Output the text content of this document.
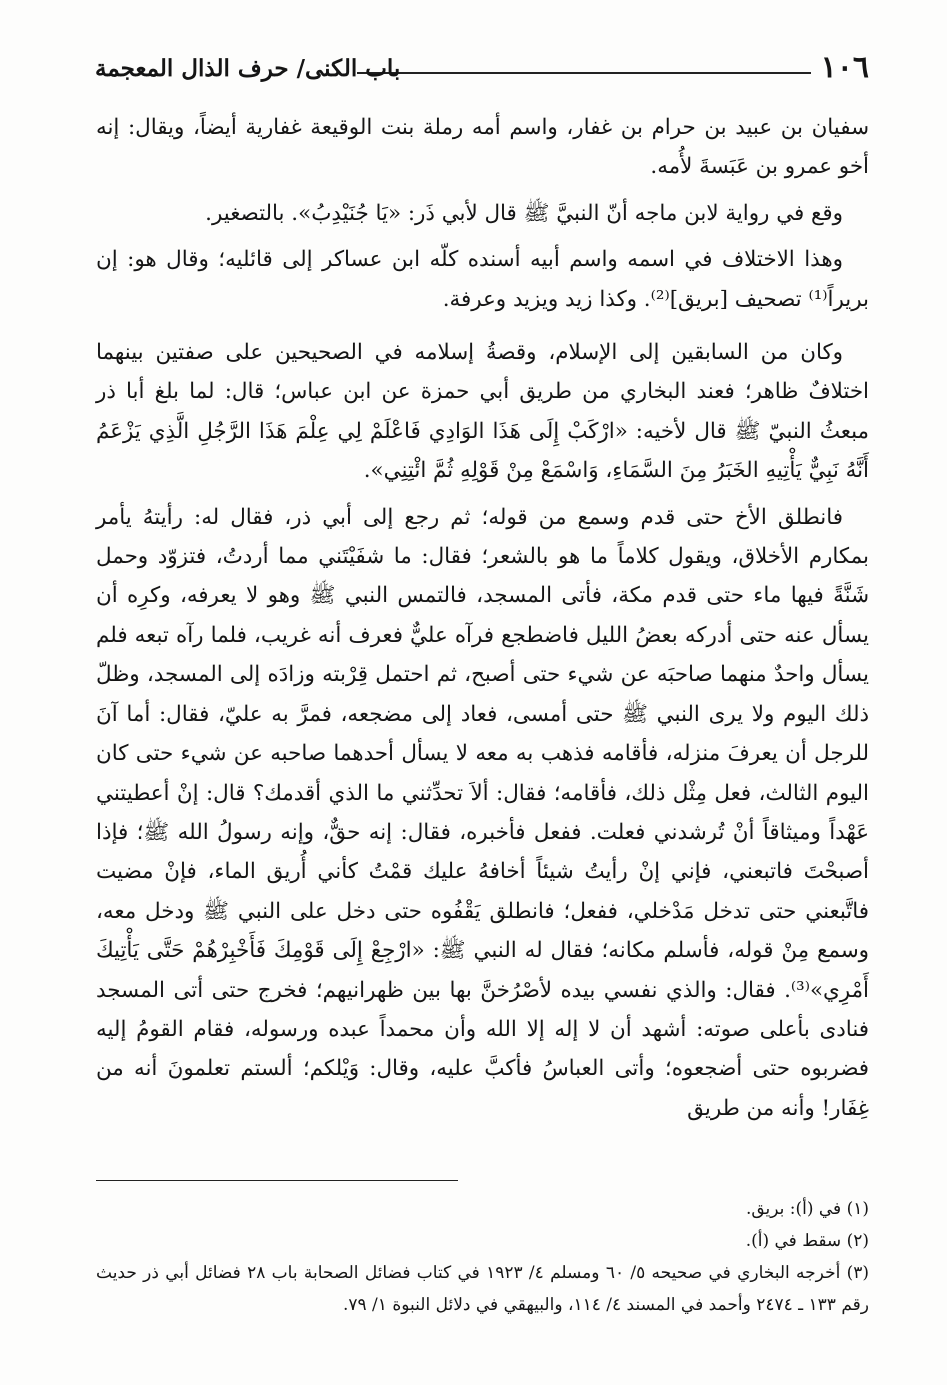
١٠٦
باب الكنى/ حرف الذال المعجمة

سفيان بن عبيد بن حرام بن غفار، واسم أمه رملة بنت الوقيعة غفارية أيضاً، ويقال: إنه أخو عمرو بن عَبَسةَ لأُمه.

وقع في رواية لابن ماجه أنّ النبيَّ ﷺ قال لأبي ذَر: «يَا جُنَيْدِبُ». بالتصغير.

وهذا الاختلاف في اسمه واسم أبيه أسنده كلّه ابن عساكر إلى قائليه؛ وقال هو: إن بريراً⁽¹⁾ تصحيف [بريق]⁽²⁾. وكذا زيد ويزيد وعرفة.

وكان من السابقين إلى الإسلام، وقصةُ إسلامه في الصحيحين على صفتين بينهما اختلافٌ ظاهر؛ فعند البخاري من طريق أبي حمزة عن ابن عباس؛ قال: لما بلغ أبا ذر مبعثُ النبيّ ﷺ قال لأخيه: «ارْكَبْ إِلَى هَذَا الوَادِي فَاعْلَمْ لِي عِلْمَ هَذَا الرَّجُلِ الَّذِي يَزْعَمُ أَنَّهُ نَبِيٌّ يَأْتِيهِ الخَبَرُ مِنَ السَّمَاءِ، وَاسْمَعْ مِنْ قَوْلِهِ ثُمَّ ائْتِنِي».

فانطلق الأخ حتى قدم وسمع من قوله؛ ثم رجع إلى أبي ذر، فقال له: رأيتهُ يأمر بمكارم الأخلاق، ويقول كلاماً ما هو بالشعر؛ فقال: ما شفَيْتَني مما أردتُ، فتزوّد وحمل شَنَّةً فيها ماء حتى قدم مكة، فأتى المسجد، فالتمس النبي ﷺ وهو لا يعرفه، وكرِه أن يسأل عنه حتى أدركه بعضُ الليل فاضطجع فرآه عليٌّ فعرف أنه غريب، فلما رآه تبعه فلم يسأل واحدٌ منهما صاحبَه عن شيء حتى أصبح، ثم احتمل قِرْبته وزادَه إلى المسجد، وظلّ ذلك اليوم ولا يرى النبي ﷺ حتى أمسى، فعاد إلى مضجعه، فمرَّ به عليّ، فقال: أما آنَ للرجل أن يعرفَ منزله، فأقامه فذهب به معه لا يسأل أحدهما صاحبه عن شيء حتى كان اليوم الثالث، فعل مِثْل ذلك، فأقامه؛ فقال: ألاَ تحدِّثني ما الذي أقدمك؟ قال: إنْ أعطيتني عَهْداً وميثاقاً أنْ تُرشدني فعلت. ففعل فأخبره، فقال: إنه حقٌّ، وإنه رسولُ الله ﷺ؛ فإذا أصبحْتَ فاتبعني، فإني إنْ رأيتُ شيئاً أخافهُ عليك قمْتُ كأني أُريق الماء، فإنْ مضيت فاتَّبعني حتى تدخل مَدْخلي، ففعل؛ فانطلق يَقْفُوه حتى دخل على النبي ﷺ ودخل معه، وسمع مِنْ قوله، فأسلم مكانه؛ فقال له النبي ﷺ: «ارْجِعْ إِلَى قَوْمِكَ فَأَخْبِرْهُمْ حَتَّى يَأْتِيكَ أَمْرِي»⁽³⁾. فقال: والذي نفسي بيده لأصْرُخنَّ بها بين ظهرانيهم؛ فخرج حتى أتى المسجد فنادى بأعلى صوته: أشهد أن لا إله إلا الله وأن محمداً عبده ورسوله، فقام القومُ إليه فضربوه حتى أضجعوه؛ وأتى العباسُ فأكبَّ عليه، وقال: وَيْلكم؛ ألستم تعلمونَ أنه من غِفَار! وأنه من طريق

(١) في (أ): بريق.

(٢) سقط في (أ).

(٣) أخرجه البخاري في صحيحه ٥/ ٦٠ ومسلم ٤/ ١٩٢٣ في كتاب فضائل الصحابة باب ٢٨ فضائل أبي ذر حديث رقم ١٣٣ ـ ٢٤٧٤ وأحمد في المسند ٤/ ١١٤، والبيهقي في دلائل النبوة ١/ ٧٩.
